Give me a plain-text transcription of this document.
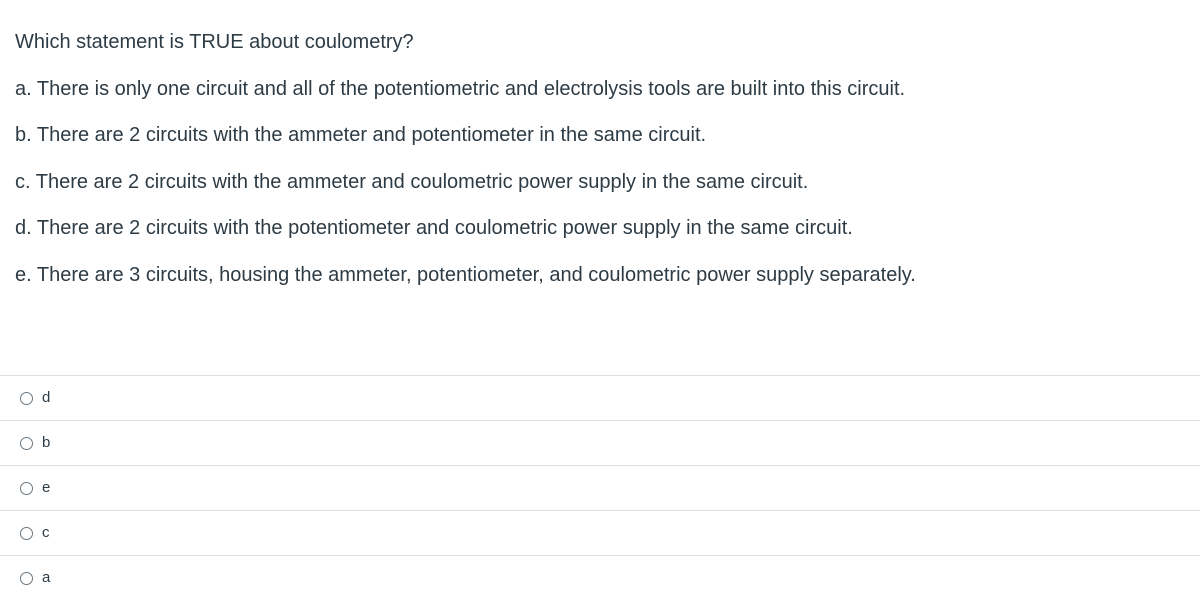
Which statement is TRUE about coulometry?

a. There is only one circuit and all of the potentiometric and electrolysis tools are built into this circuit.

b. There are 2 circuits with the ammeter and potentiometer in the same circuit.

c. There are 2 circuits with the ammeter and coulometric power supply in the same circuit.

d. There are 2 circuits with the potentiometer and coulometric power supply in the same circuit.

e. There are 3 circuits, housing the ammeter, potentiometer, and coulometric power supply separately.

d
b
e
c
a
